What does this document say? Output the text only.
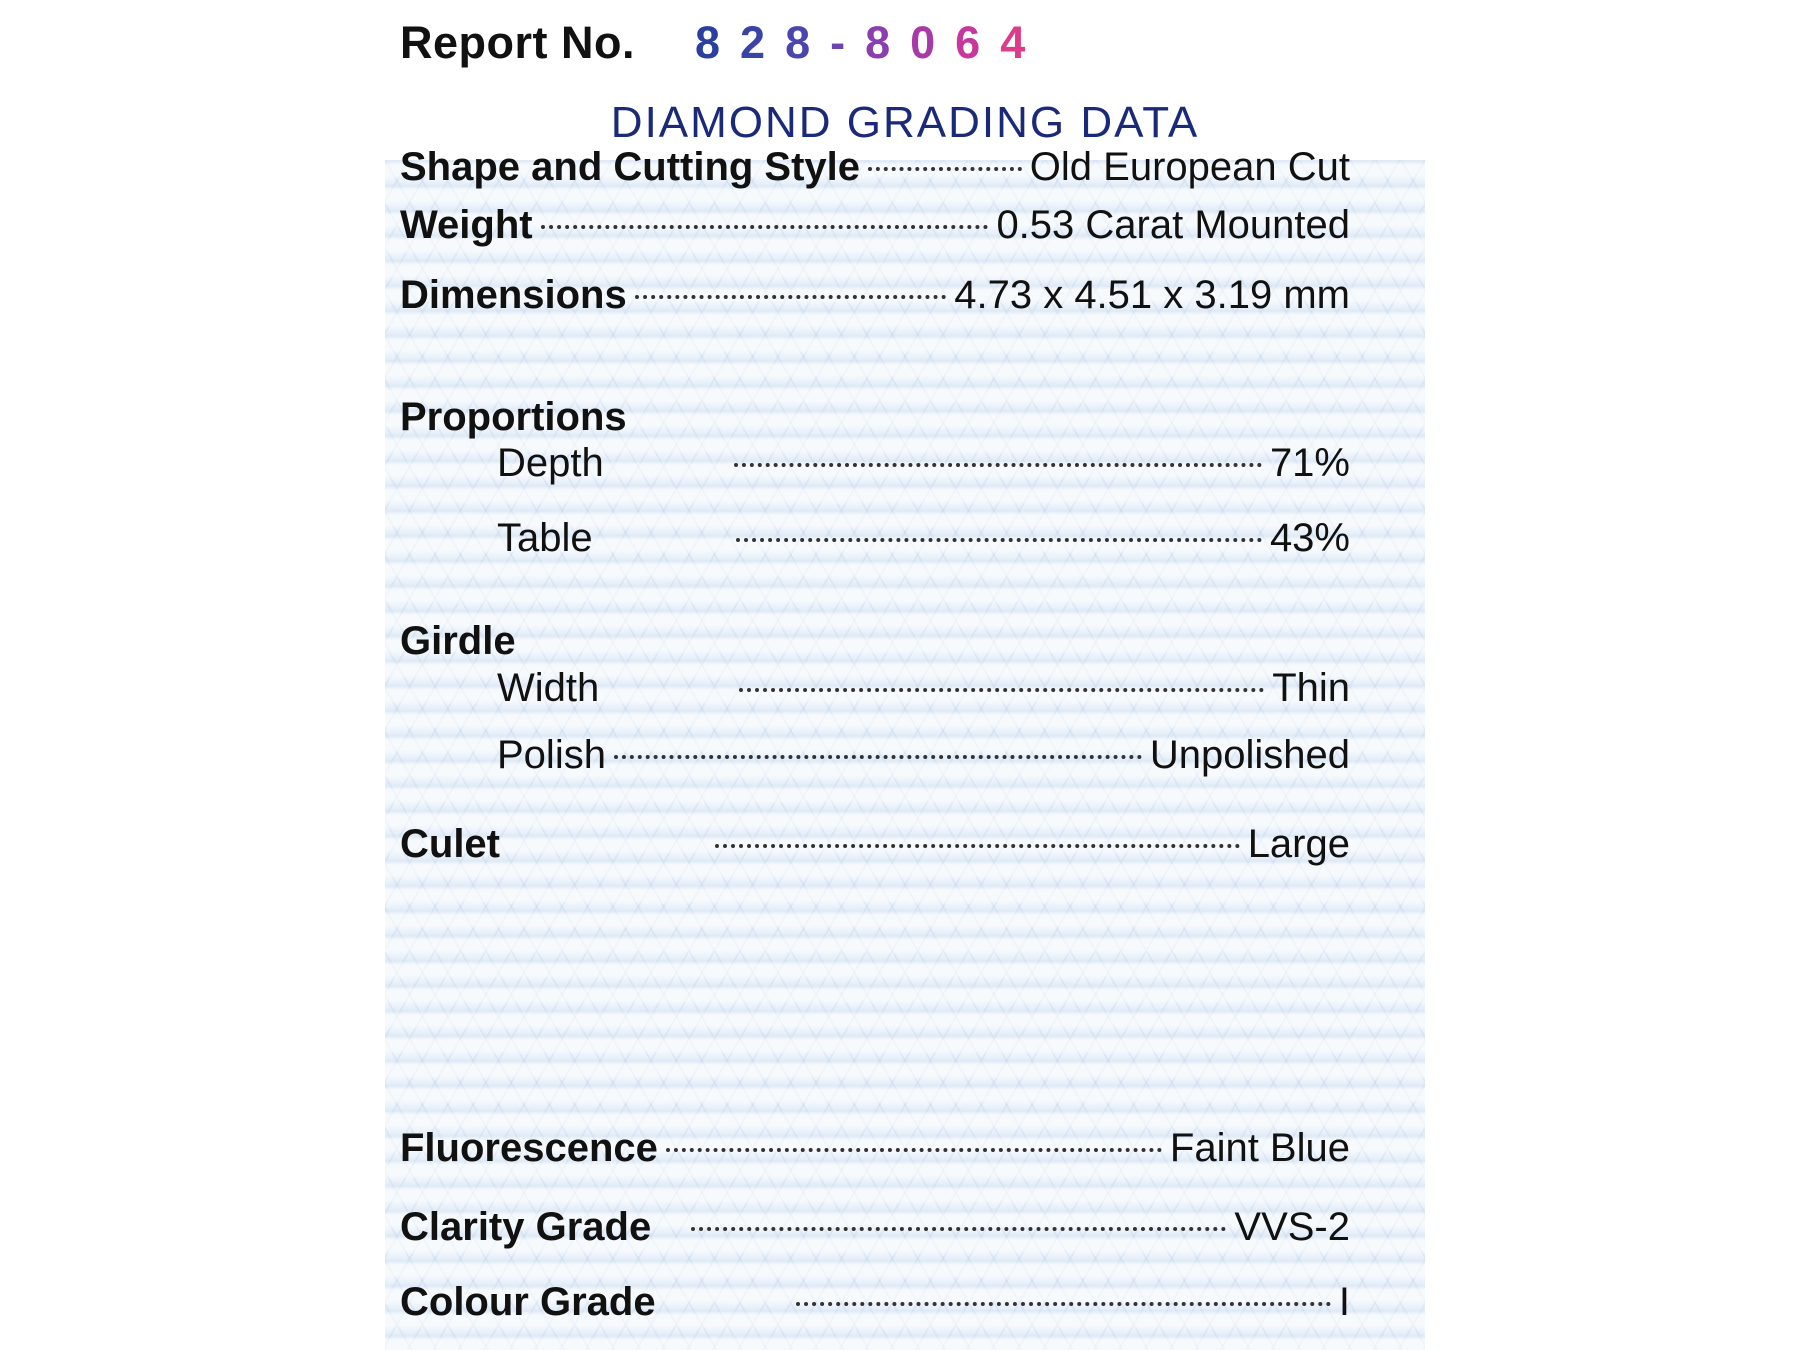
Report No. 8 2 8 - 8 0 6 4
DIAMOND GRADING DATA
Shape and Cutting Style	Old European Cut
Weight	0.53 Carat Mounted
Dimensions	4.73 x 4.51 x 3.19 mm
Proportions
Depth	71%
Table	43%
Girdle
Width	Thin
Polish	Unpolished
Culet	Large
Fluorescence	Faint Blue
Clarity Grade	VVS-2
Colour Grade	I
